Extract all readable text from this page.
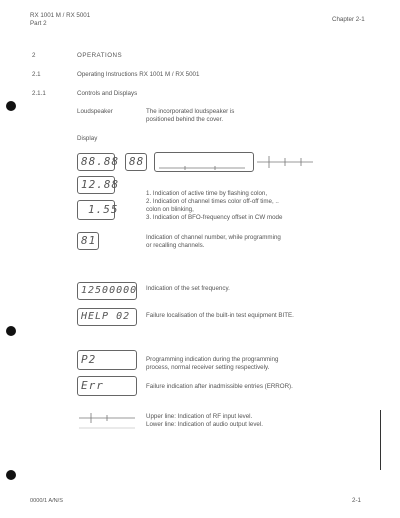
RX 1001 M / RX 5001
Part 2
Chapter 2-1
2	OPERATIONS
2.1	Operating Instructions RX 1001 M / RX 5001
2.1.1	Controls and Displays
Loudspeaker	The incorporated loudspeaker is
positioned behind the cover.
Display
88.88 88
12.88
1.55
1. Indication of active time by flashing colon,
2. Indication of channel times color off-off time, ..
colon on blinking,
3. Indication of BFO-frequency offset in CW mode
81	Indication of channel number, while programming
or recalling channels.
12500000 Indication of the set frequency.
HELP 02	Failure localisation of the built-in test equipment BITE.
P2	Programming indication during the programming
process, normal receiver setting respectively.
Err	Failure indication after inadmissible entries (ERROR).
Upper line: Indication of RF input level.
Lower line: Indication of audio output level.
0000/1 A/N/S	2-1
